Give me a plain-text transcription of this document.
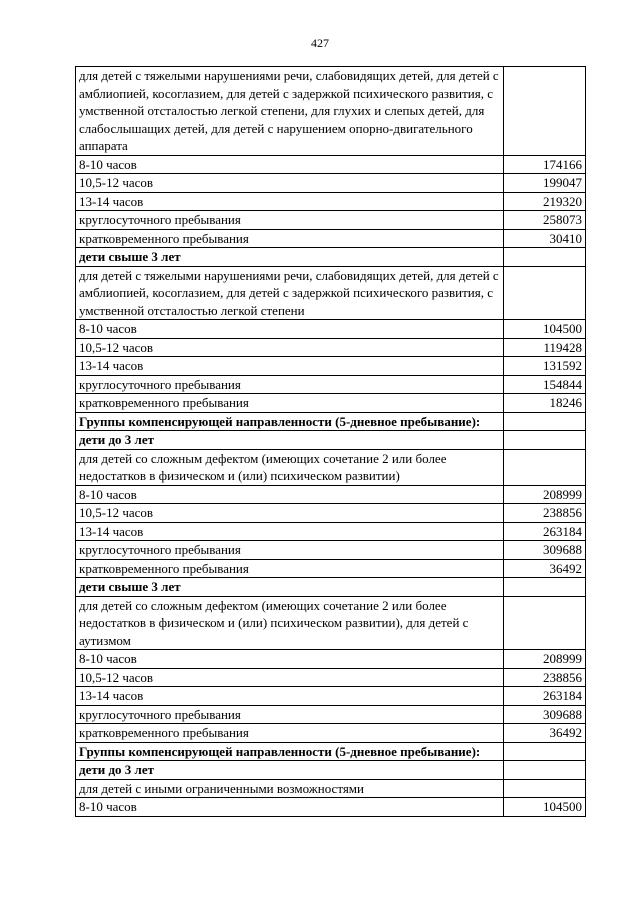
427
для детей с тяжелыми нарушениями речи, слабовидящих детей, для детей с амблиопией, косоглазием, для детей с задержкой психического развития, с умственной отсталостью легкой степени, для глухих и слепых детей, для слабослышащих детей, для детей с нарушением опорно-двигательного аппарата	
8-10 часов	174166
10,5-12 часов	199047
13-14 часов	219320
круглосуточного пребывания	258073
кратковременного пребывания	30410
дети свыше 3 лет	
для детей с тяжелыми нарушениями речи, слабовидящих детей, для детей с амблиопией, косоглазием, для детей с задержкой психического развития, с умственной отсталостью легкой степени	
8-10 часов	104500
10,5-12 часов	119428
13-14 часов	131592
круглосуточного пребывания	154844
кратковременного пребывания	18246
Группы компенсирующей направленности (5-дневное пребывание):	
дети до 3 лет	
для детей со сложным дефектом (имеющих сочетание 2 или более недостатков в физическом и (или) психическом развитии)	
8-10 часов	208999
10,5-12 часов	238856
13-14 часов	263184
круглосуточного пребывания	309688
кратковременного пребывания	36492
дети свыше 3 лет	
для детей со сложным дефектом (имеющих сочетание 2 или более недостатков в физическом и (или) психическом развитии), для детей с аутизмом	
8-10 часов	208999
10,5-12 часов	238856
13-14 часов	263184
круглосуточного пребывания	309688
кратковременного пребывания	36492
Группы компенсирующей направленности (5-дневное пребывание):	
дети до 3 лет	
для детей с иными ограниченными возможностями	
8-10 часов	104500
